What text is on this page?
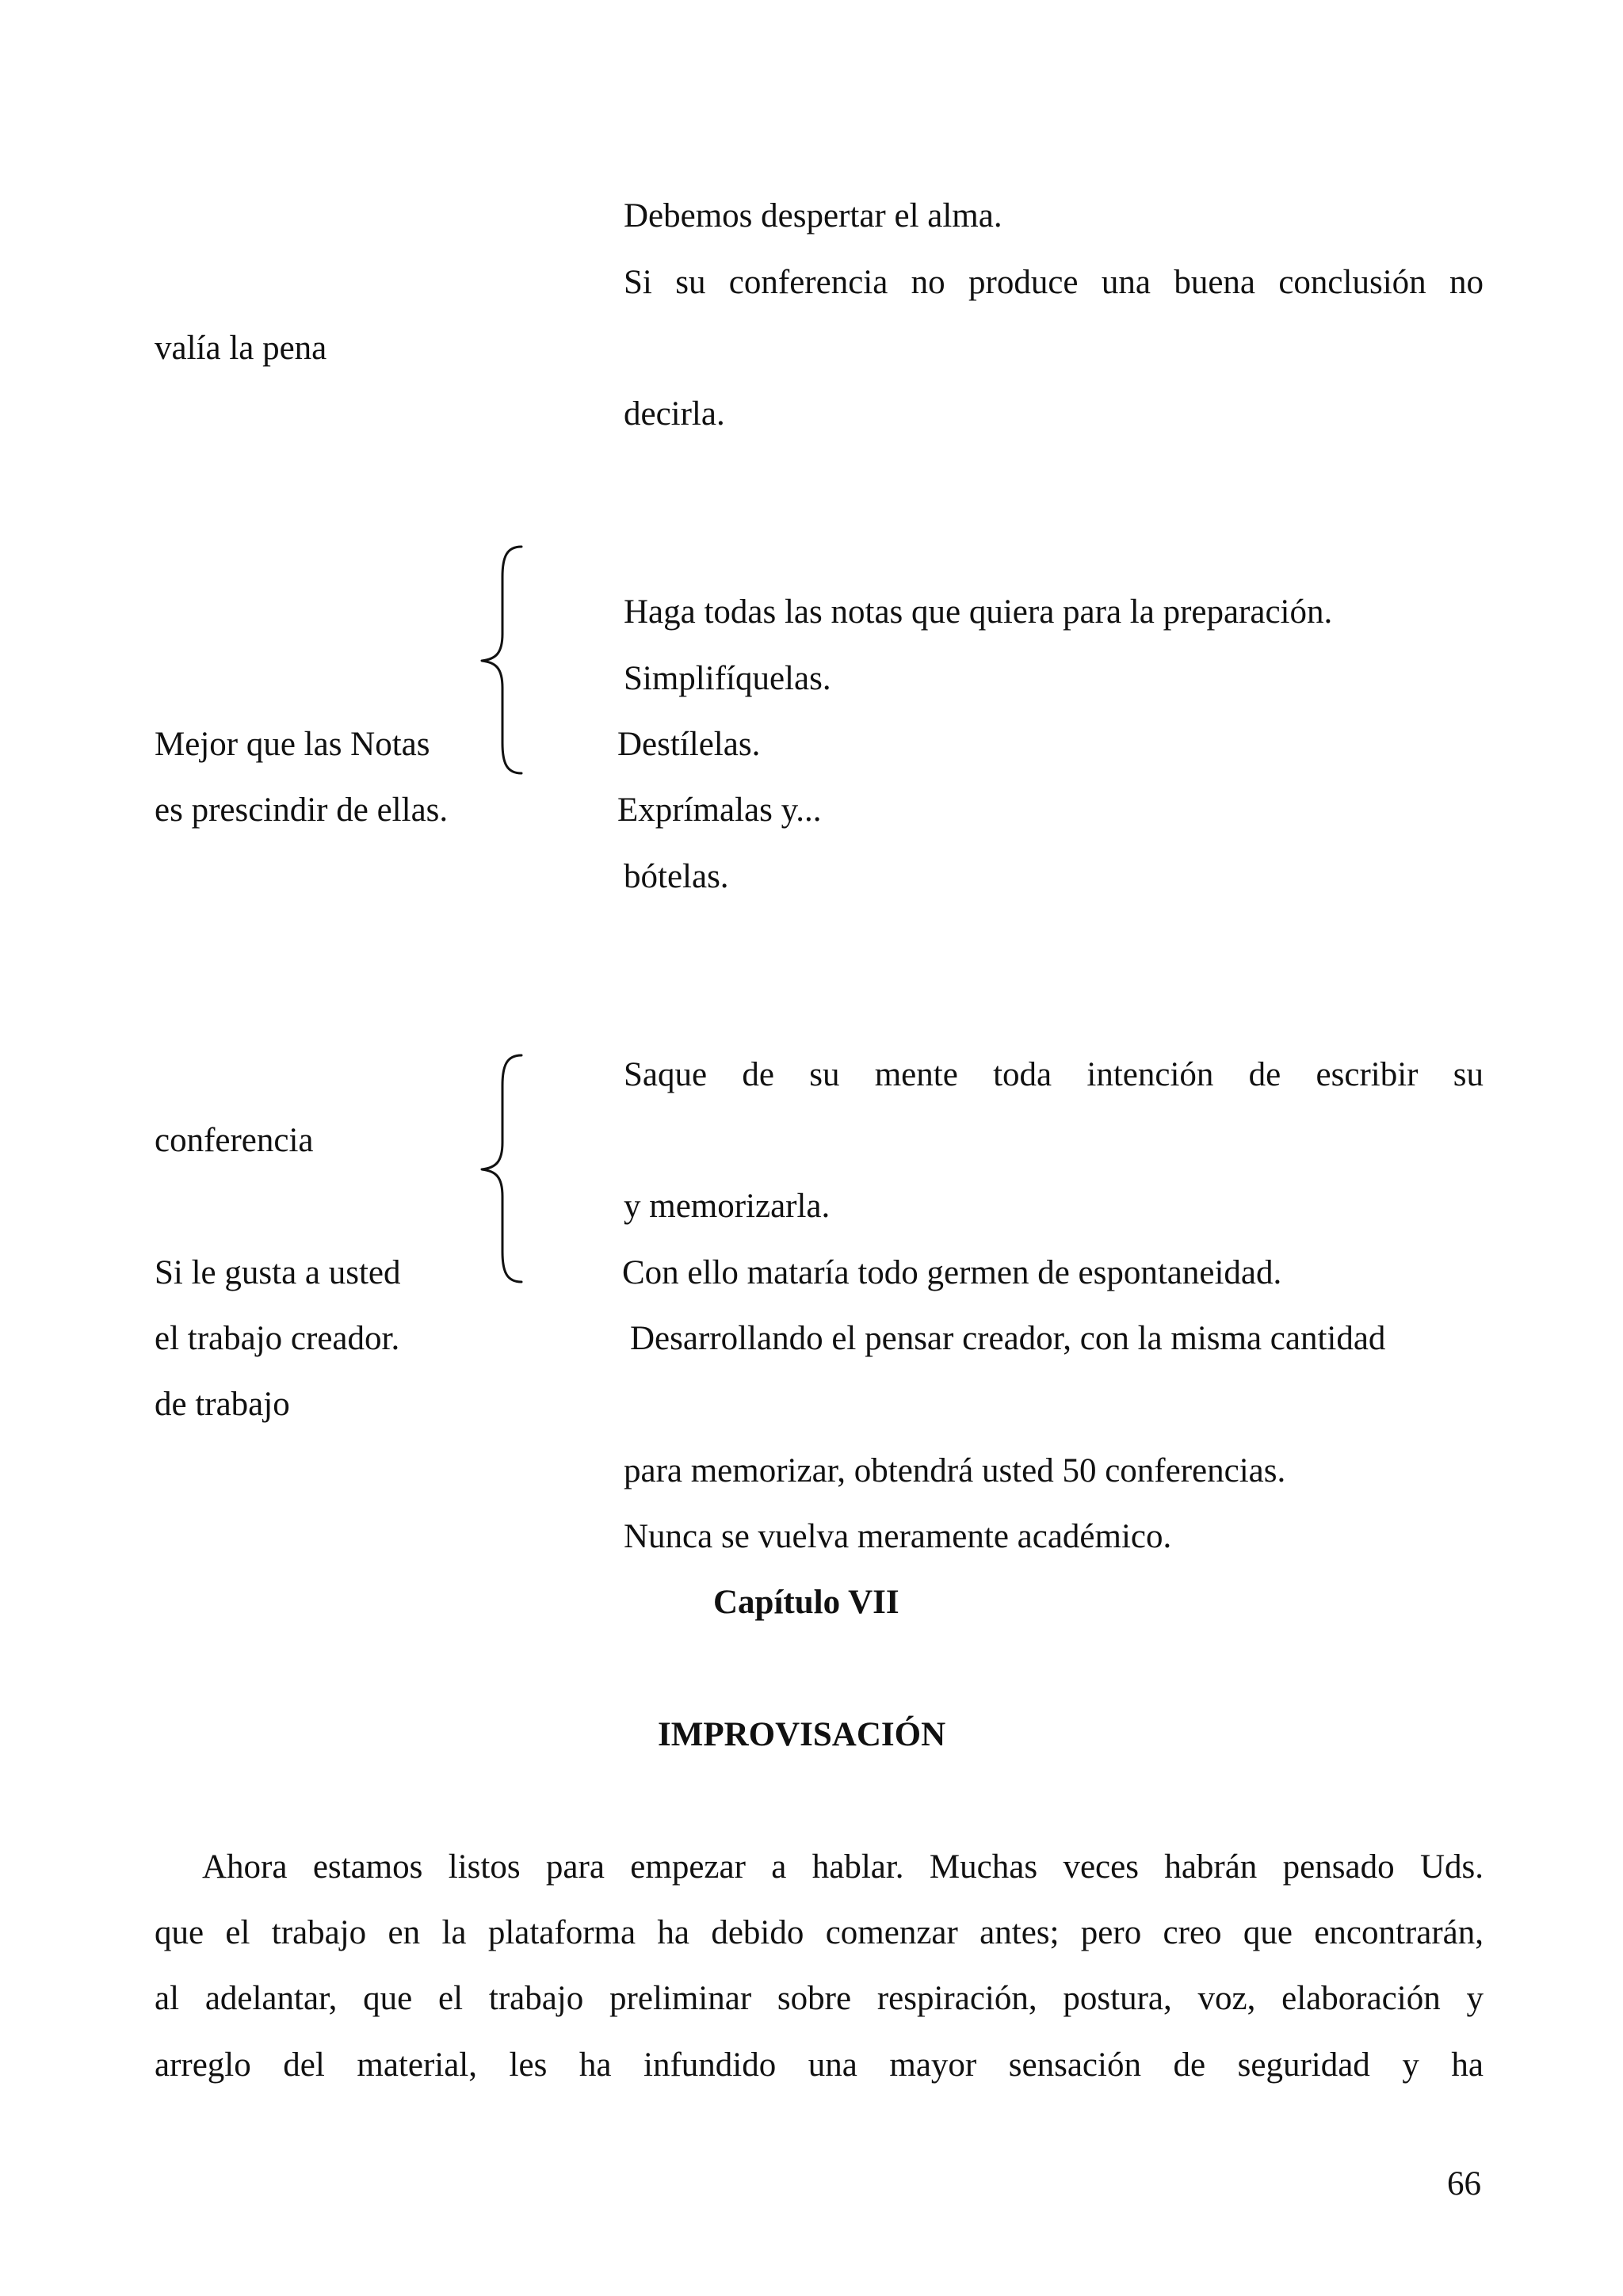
Debemos despertar el alma.
Si su conferencia no produce una buena conclusión no
valía la pena
decirla.
Haga todas las notas que quiera para la preparación.
Simplifíquelas.
Mejor que las Notas	Destílelas.
es prescindir de ellas.	Exprímalas y...
bótelas.
Saque de su mente toda intención de escribir su
conferencia
y memorizarla.
Si le gusta a usted	Con ello mataría todo germen de espontaneidad.
el trabajo creador.	Desarrollando el pensar creador, con la misma cantidad
de trabajo
para memorizar, obtendrá usted 50 conferencias.
Nunca se vuelva meramente académico.
Capítulo VII
IMPROVISACIÓN
Ahora estamos listos para empezar a hablar. Muchas veces habrán pensado Uds.
que el trabajo en la plataforma ha debido comenzar antes; pero creo que encontrarán,
al adelantar, que el trabajo preliminar sobre respiración, postura, voz, elaboración y
arreglo del material, les ha infundido una mayor sensación de seguridad y ha
66
